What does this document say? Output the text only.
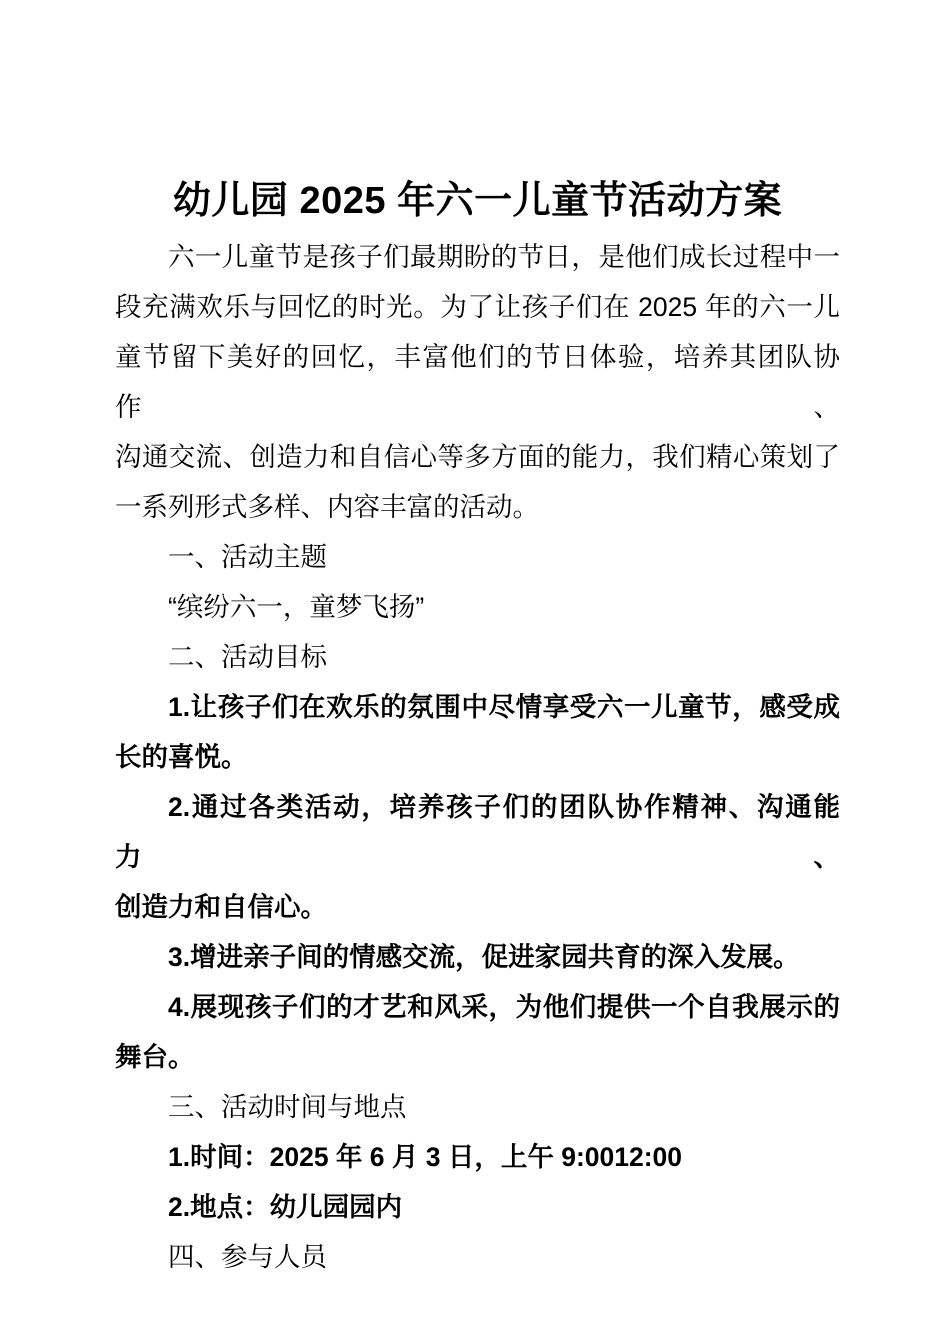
幼儿园 2025 年六一儿童节活动方案
六一儿童节是孩子们最期盼的节日，是他们成长过程中一
段充满欢乐与回忆的时光。为了让孩子们在 2025 年的六一儿
童节留下美好的回忆，丰富他们的节日体验，培养其团队协作、
沟通交流、创造力和自信心等多方面的能力，我们精心策划了
一系列形式多样、内容丰富的活动。
一、活动主题
“缤纷六一，童梦飞扬”
二、活动目标
1.让孩子们在欢乐的氛围中尽情享受六一儿童节，感受成
长的喜悦。
2.通过各类活动，培养孩子们的团队协作精神、沟通能力、
创造力和自信心。
3.增进亲子间的情感交流，促进家园共育的深入发展。
4.展现孩子们的才艺和风采，为他们提供一个自我展示的
舞台。
三、活动时间与地点
1.时间：2025 年 6 月 3 日，上午 9:0012:00
2.地点：幼儿园园内
四、参与人员
